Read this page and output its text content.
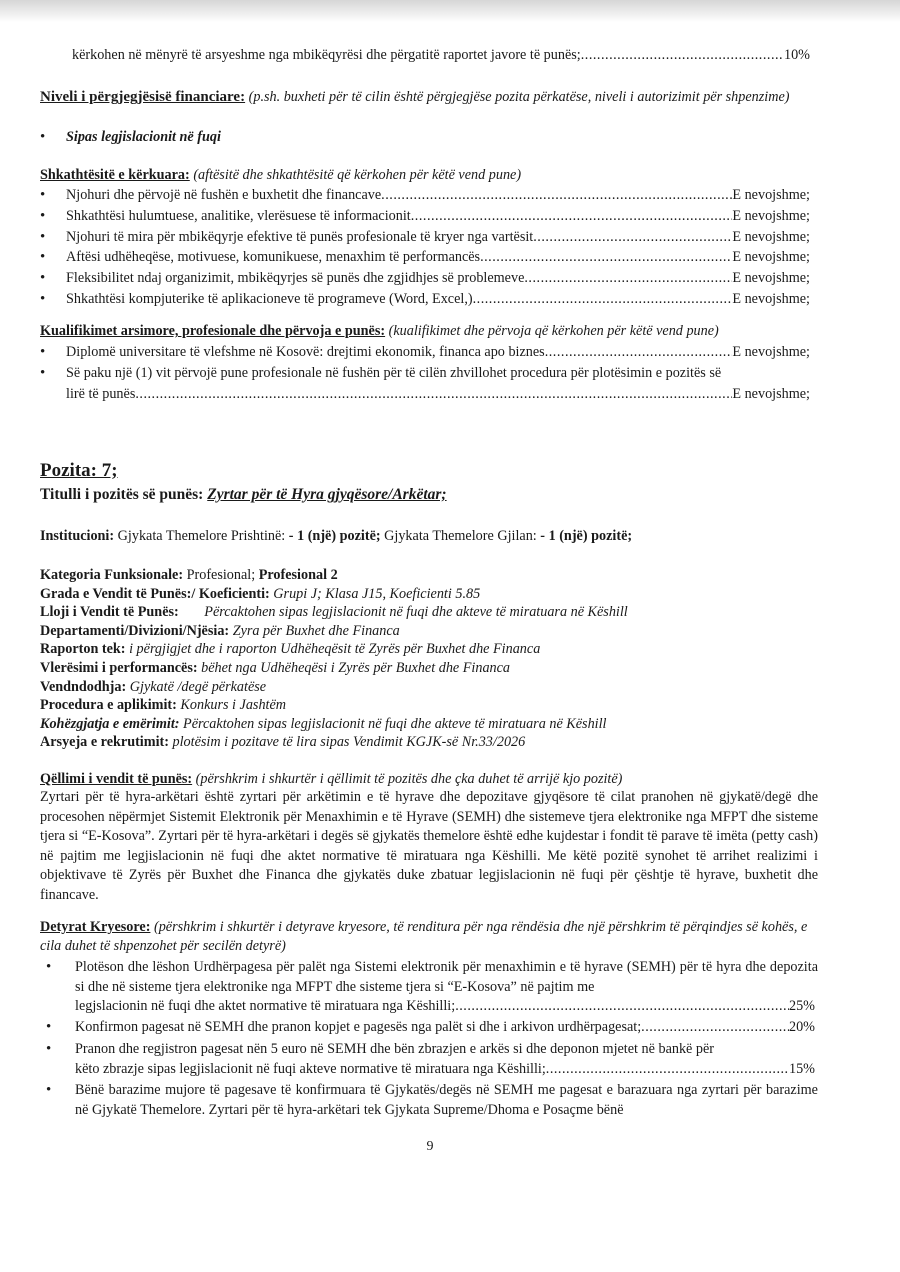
kërkohen në mënyrë të arsyeshme nga mbikëqyrësi dhe përgatitë raportet javore të punës; .....	10%
Niveli i përgjegjësisë financiare: (p.sh. buxheti për të cilin është përgjegjëse pozita përkatëse, niveli i autorizimit për shpenzime)
•
Sipas legjislacionit në fuqi
Shkathtësitë e kërkuara: (aftësitë dhe shkathtësitë që kërkohen për këtë vend pune)
•
Njohuri dhe përvojë në fushën e buxhetit dhe financave .....	E nevojshme;
•
Shkathtësi hulumtuese, analitike, vlerësuese të informacionit .....	E nevojshme;
•
Njohuri të mira për mbikëqyrje efektive të punës profesionale të kryer nga vartësit .....	E nevojshme;
•
Aftësi udhëheqëse, motivuese, komunikuese, menaxhim të performancës .....	E nevojshme;
•
Fleksibilitet ndaj organizimit, mbikëqyrjes së punës dhe zgjidhjes së problemeve .....	E nevojshme;
•
Shkathtësi kompjuterike të aplikacioneve të programeve (Word, Excel,) .....	E nevojshme;
Kualifikimet arsimore, profesionale dhe përvoja e punës: (kualifikimet dhe përvoja që kërkohen për këtë vend pune)
•
Diplomë universitare të vlefshme në Kosovë: drejtimi ekonomik, financa apo biznes .....	E nevojshme;
•
Së paku një (1) vit përvojë pune profesionale në fushën për të cilën zhvillohet procedura për plotësimin e pozitës së
lirë të punës .....	E nevojshme;
Pozita: 7;
Titulli i pozitës së punës: Zyrtar për të Hyra gjyqësore/Arkëtar;
Institucioni: Gjykata Themelore Prishtinë: - 1 (një) pozitë; Gjykata Themelore Gjilan: - 1 (një) pozitë;
Kategoria Funksionale: Profesional; Profesional 2
Grada e Vendit të Punës:/ Koeficienti: Grupi J; Klasa J15, Koeficienti 5.85
Lloji i Vendit të Punës: Përcaktohen sipas legjislacionit në fuqi dhe akteve të miratuara në Këshill
Departamenti/Divizioni/Njësia: Zyra për Buxhet dhe Financa
Raporton tek: i përgjigjet dhe i raporton Udhëheqësit të Zyrës për Buxhet dhe Financa
Vlerësimi i performancës: bëhet nga Udhëheqësi i Zyrës për Buxhet dhe Financa
Vendndodhja: Gjykatë /degë përkatëse
Procedura e aplikimit: Konkurs i Jashtëm
Kohëzgjatja e emërimit: Përcaktohen sipas legjislacionit në fuqi dhe akteve të miratuara në Këshill
Arsyeja e rekrutimit: plotësim i pozitave të lira sipas Vendimit KGJK-së Nr.33/2026
Qëllimi i vendit të punës: (përshkrim i shkurtër i qëllimit të pozitës dhe çka duhet të arrijë kjo pozitë)
Zyrtari për të hyra-arkëtari është zyrtari për arkëtimin e të hyrave dhe depozitave gjyqësore të cilat pranohen në gjykatë/degë dhe procesohen nëpërmjet Sistemit Elektronik për Menaxhimin e të Hyrave (SEMH) dhe sistemeve tjera elektronike nga MFPT dhe sisteme tjera si “E-Kosova”. Zyrtari për të hyra-arkëtari i degës së gjykatës themelore është edhe kujdestar i fondit të parave të imëta (petty cash) në pajtim me legjislacionin në fuqi dhe aktet normative të miratuara nga Këshilli. Me këtë pozitë synohet të arrihet realizimi i objektivave të Zyrës për Buxhet dhe Financa dhe gjykatës duke zbatuar legjislacionin në fuqi për çështje të hyrave, buxhetit dhe financave.
Detyrat Kryesore: (përshkrim i shkurtër i detyrave kryesore, të renditura për nga rëndësia dhe një përshkrim të përqindjes së kohës, e cila duhet të shpenzohet për secilën detyrë)
•
Plotëson dhe lëshon Urdhërpagesa për palët nga Sistemi elektronik për menaxhimin e të hyrave (SEMH) për të hyra dhe depozita si dhe në sisteme tjera elektronike nga MFPT dhe sisteme tjera si “E-Kosova” në pajtim me
legjslacionin në fuqi dhe aktet normative të miratuara nga Këshilli; .....	25%
•
Konfirmon pagesat në SEMH dhe pranon kopjet e pagesës nga palët si dhe i arkivon urdhërpagesat; .....	20%
•
Pranon dhe regjistron pagesat nën 5 euro në SEMH dhe bën zbrazjen e arkës si dhe deponon mjetet në bankë për
këto zbrazje sipas legjislacionit në fuqi akteve normative të miratuara nga Këshilli; .....	15%
•
Bënë barazime mujore të pagesave të konfirmuara të Gjykatës/degës në SEMH me pagesat e barazuara nga zyrtari për barazime në Gjykatë Themelore. Zyrtari për të hyra-arkëtari tek Gjykata Supreme/Dhoma e Posaçme bënë
9
